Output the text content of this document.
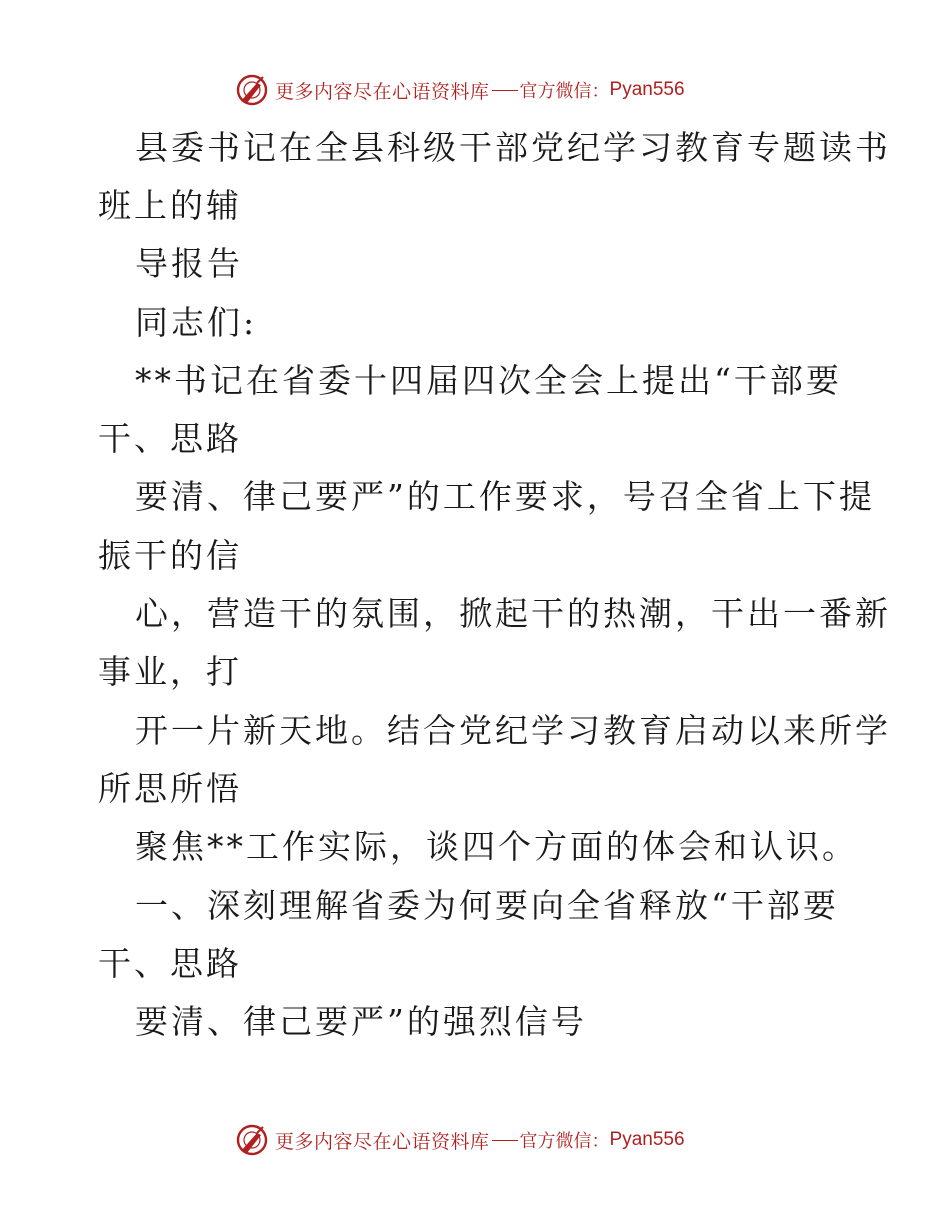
更多内容尽在心语资料库 官方微信： Pyan556
县委书记在全县科级干部党纪学习教育专题读书
班上的辅
导报告
同志们:
**书记在省委十四届四次全会上提出“干部要
干、思路
要清、律己要严”的工作要求，号召全省上下提
振干的信
心，营造干的氛围，掀起干的热潮，干出一番新
事业，打
开一片新天地。结合党纪学习教育启动以来所学
所思所悟
聚焦**工作实际，谈四个方面的体会和认识。
一、深刻理解省委为何要向全省释放“干部要
干、思路
要清、律己要严”的强烈信号
更多内容尽在心语资料库 官方微信： Pyan556
